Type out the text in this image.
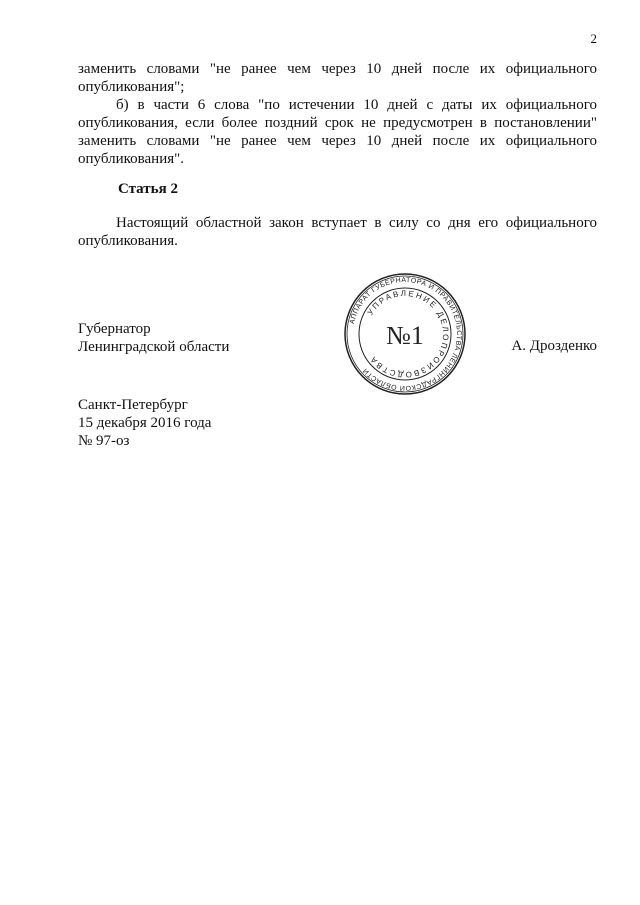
2

заменить словами "не ранее чем через 10 дней после их официального опубликования";

б) в части 6 слова "по истечении 10 дней с даты их официального опубликования, если более поздний срок не предусмотрен в постановлении" заменить словами "не ранее чем через 10 дней после их официального опубликования".

Статья 2

Настоящий областной закон вступает в силу со дня его официального опубликования.

Губернатор
Ленинградской области
АППАРАТ ГУБЕРНАТОРА И ПРАВИТЕЛЬСТВА ЛЕНИНГРАДСКОЙ ОБЛАСТИ
УПРАВЛЕНИЕ ДЕЛОПРОИЗВОДСТВА
№1	А. Дрозденко
Санкт-Петербург
15 декабря 2016 года
№ 97-оз
